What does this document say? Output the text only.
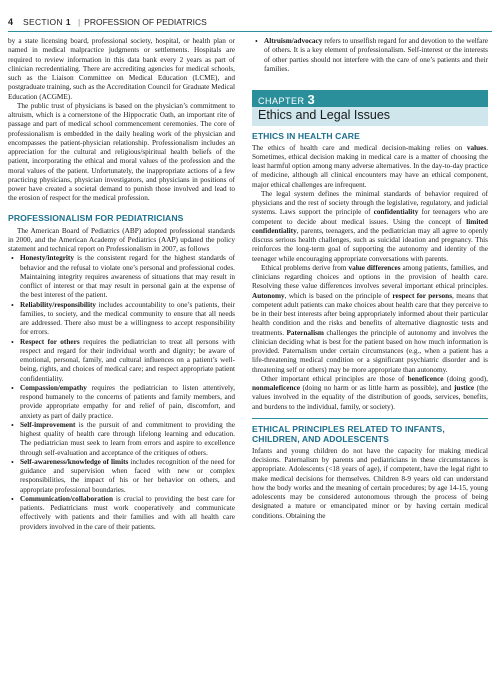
4 SECTION 1 | PROFESSION OF PEDIATRICS

by a state licensing board, professional society, hospital, or health plan or named in medical malpractice judgments or settlements. Hospitals are required to review information in this data bank every 2 years as part of clinician recredentialing. There are accrediting agencies for medical schools, such as the Liaison Committee on Medical Education (LCME), and postgraduate training, such as the Accreditation Council for Graduate Medical Education (ACGME).

The public trust of physicians is based on the physician’s commitment to altruism, which is a cornerstone of the Hippocratic Oath, an important rite of passage and part of medical school commencement ceremonies. The core of professionalism is embedded in the daily healing work of the physician and encompasses the patient-physician relationship. Professionalism includes an appreciation for the cultural and religious/spiritual health beliefs of the patient, incorporating the ethical and moral values of the profession and the moral values of the patient. Unfortunately, the inappropriate actions of a few practicing physicians, physician investigators, and physicians in positions of power have created a societal demand to punish those involved and lead to the erosion of respect for the medical profession.

PROFESSIONALISM FOR PEDIATRICIANS

The American Board of Pediatrics (ABP) adopted professional standards in 2000, and the American Academy of Pediatrics (AAP) updated the policy statement and technical report on Professionalism in 2007, as follows

• Honesty/integrity is the consistent regard for the highest standards of behavior and the refusal to violate one’s personal and professional codes. Maintaining integrity requires awareness of situations that may result in conflict of interest or that may result in personal gain at the expense of the best interest of the patient.
• Reliability/responsibility includes accountability to one’s patients, their families, to society, and the medical community to ensure that all needs are addressed. There also must be a willingness to accept responsibility for errors.
• Respect for others requires the pediatrician to treat all persons with respect and regard for their individual worth and dignity; be aware of emotional, personal, family, and cultural influences on a patient’s well-being, rights, and choices of medical care; and respect appropriate patient confidentiality.
• Compassion/empathy requires the pediatrician to listen attentively, respond humanely to the concerns of patients and family members, and provide appropriate empathy for and relief of pain, discomfort, and anxiety as part of daily practice.
• Self-improvement is the pursuit of and commitment to providing the highest quality of health care through lifelong learning and education. The pediatrician must seek to learn from errors and aspire to excellence through self-evaluation and acceptance of the critiques of others.
• Self-awareness/knowledge of limits includes recognition of the need for guidance and supervision when faced with new or complex responsibilities, the impact of his or her behavior on others, and appropriate professional boundaries.
• Communication/collaboration is crucial to providing the best care for patients. Pediatricians must work cooperatively and communicate effectively with patients and their families and with all health care providers involved in the care of their patients.
• Altruism/advocacy refers to unselfish regard for and devotion to the welfare of others. It is a key element of professionalism. Self-interest or the interests of other parties should not interfere with the care of one’s patients and their families.
CHAPTER 3
Ethics and Legal Issues
ETHICS IN HEALTH CARE

The ethics of health care and medical decision-making relies on values. Sometimes, ethical decision making in medical care is a matter of choosing the least harmful option among many adverse alternatives. In the day-to-day practice of medicine, although all clinical encounters may have an ethical component, major ethical challenges are infrequent.

The legal system defines the minimal standards of behavior required of physicians and the rest of society through the legislative, regulatory, and judicial systems. Laws support the principle of confidentiality for teenagers who are competent to decide about medical issues. Using the concept of limited confidentiality, parents, teenagers, and the pediatrician may all agree to openly discuss serious health challenges, such as suicidal ideation and pregnancy. This reinforces the long-term goal of supporting the autonomy and identity of the teenager while encouraging appropriate conversations with parents.

Ethical problems derive from value differences among patients, families, and clinicians regarding choices and options in the provision of health care. Resolving these value differences involves several important ethical principles. Autonomy, which is based on the principle of respect for persons, means that competent adult patients can make choices about health care that they perceive to be in their best interests after being appropriately informed about their particular health condition and the risks and benefits of alternative diagnostic tests and treatments. Paternalism challenges the principle of autonomy and involves the clinician deciding what is best for the patient based on how much information is provided. Paternalism under certain circumstances (e.g., when a patient has a life-threatening medical condition or a significant psychiatric disorder and is threatening self or others) may be more appropriate than autonomy.

Other important ethical principles are those of beneficence (doing good), nonmaleficence (doing no harm or as little harm as possible), and justice (the values involved in the equality of the distribution of goods, services, benefits, and burdens to the individual, family, or society).

ETHICAL PRINCIPLES RELATED TO INFANTS, CHILDREN, AND ADOLESCENTS

Infants and young children do not have the capacity for making medical decisions. Paternalism by parents and pediatricians in these circumstances is appropriate. Adolescents (<18 years of age), if competent, have the legal right to make medical decisions for themselves. Children 8-9 years old can understand how the body works and the meaning of certain procedures; by age 14-15, young adolescents may be considered autonomous through the process of being designated a mature or emancipated minor or by having certain medical conditions. Obtaining the
